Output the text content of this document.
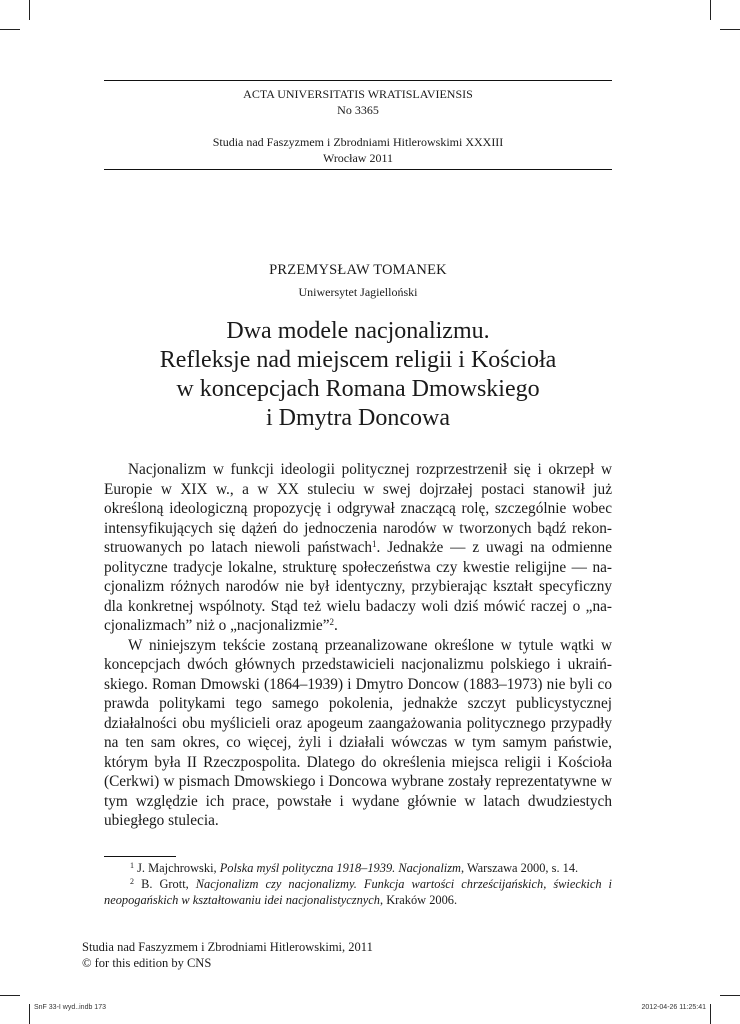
ACTA UNIVERSITATIS WRATISLAVIENSIS
No 3365
Studia nad Faszyzmem i Zbrodniami Hitlerowskimi XXXIII
Wrocław 2011
PRZEMYSŁAW TOMANEK
Uniwersytet Jagielloński
Dwa modele nacjonalizmu.
Refleksje nad miejscem religii i Kościoła
w koncepcjach Romana Dmowskiego
i Dmytra Doncowa

Nacjonalizm w funkcji ideologii politycznej rozprzestrzenił się i okrzepł w Europie w XIX w., a w XX stuleciu w swej dojrzałej postaci stanowił już określoną ideologiczną propozycję i odgrywał znaczącą rolę, szczególnie wobec intensyfikujących się dążeń do jednoczenia narodów w tworzonych bądź rekonstruowanych po latach niewoli państwach$^1$. Jednakże — z uwagi na odmienne polityczne tradycje lokalne, strukturę społeczeństwa czy kwestie religijne — nacjonalizm różnych narodów nie był identyczny, przybierając kształt specyficzny dla konkretnej wspólnoty. Stąd też wielu badaczy woli dziś mówić raczej o „nacjonalizmach” niż o „nacjonalizmie”$^2$.

W niniejszym tekście zostaną przeanalizowane określone w tytule wątki w koncepcjach dwóch głównych przedstawicieli nacjonalizmu polskiego i ukraińskiego. Roman Dmowski (1864–1939) i Dmytro Doncow (1883–1973) nie byli co prawda politykami tego samego pokolenia, jednakże szczyt publicystycznej działalności obu myślicieli oraz apogeum zaangażowania politycznego przypadły na ten sam okres, co więcej, żyli i działali wówczas w tym samym państwie, którym była II Rzeczpospolita. Dlatego do określenia miejsca religii i Kościoła (Cerkwi) w pismach Dmowskiego i Doncowa wybrane zostały reprezentatywne w tym względzie ich prace, powstałe i wydane głównie w latach dwudziestych ubiegłego stulecia.

$^1$ J. Majchrowski, Polska myśl polityczna 1918–1939. Nacjonalizm, Warszawa 2000, s. 14.

$^2$ B. Grott, Nacjonalizm czy nacjonalizmy. Funkcja wartości chrześcijańskich, świeckich i neopogańskich w kształtowaniu idei nacjonalistycznych, Kraków 2006.

Studia nad Faszyzmem i Zbrodniami Hitlerowskimi, 2011
© for this edition by CNS
SnF 33-I wyd..indb 173	2012-04-26 11:25:41
